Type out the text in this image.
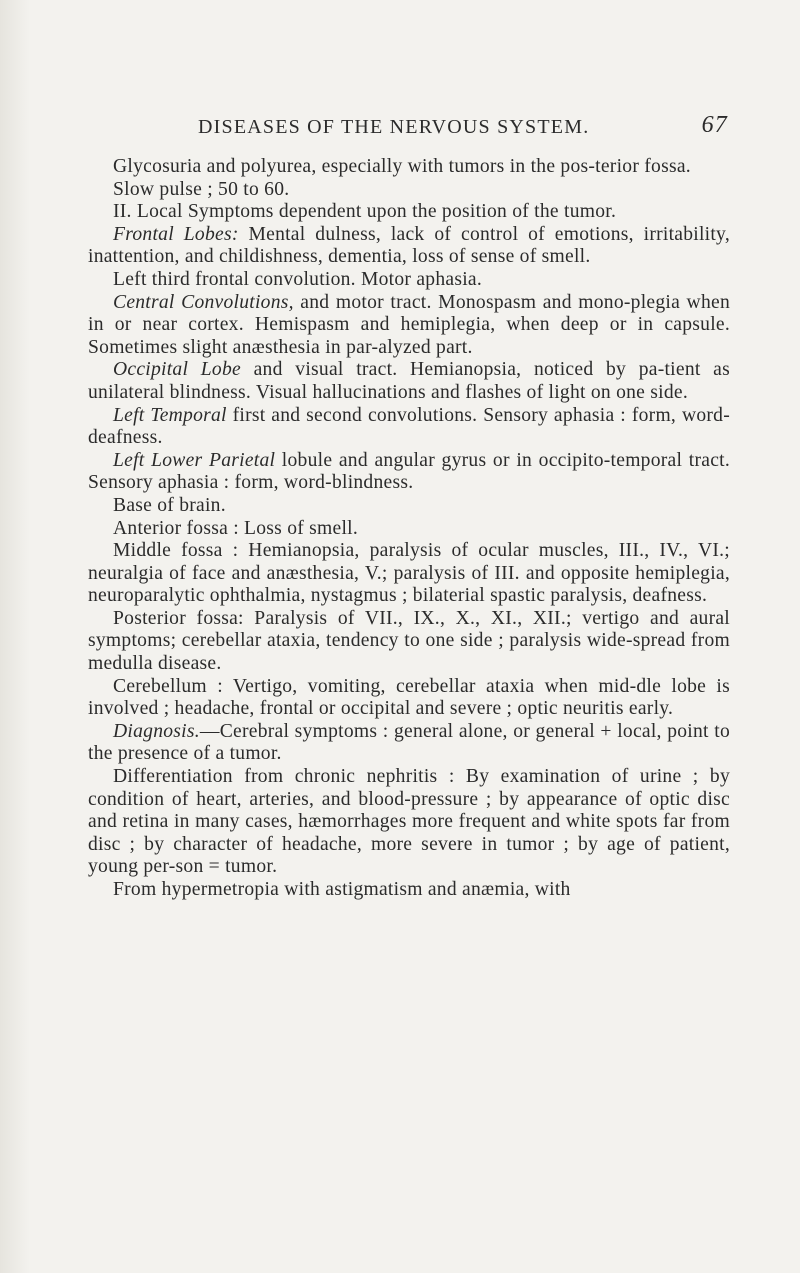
DISEASES OF THE NERVOUS SYSTEM.	67

Glycosuria and polyurea, especially with tumors in the pos-terior fossa.

Slow pulse ; 50 to 60.

II. Local Symptoms dependent upon the position of the tumor.

Frontal Lobes: Mental dulness, lack of control of emotions, irritability, inattention, and childishness, dementia, loss of sense of smell.

Left third frontal convolution. Motor aphasia.

Central Convolutions, and motor tract. Monospasm and mono-plegia when in or near cortex. Hemispasm and hemiplegia, when deep or in capsule. Sometimes slight anæsthesia in par-alyzed part.

Occipital Lobe and visual tract. Hemianopsia, noticed by pa-tient as unilateral blindness. Visual hallucinations and flashes of light on one side.

Left Temporal first and second convolutions. Sensory aphasia : form, word-deafness.

Left Lower Parietal lobule and angular gyrus or in occipito-temporal tract. Sensory aphasia : form, word-blindness.

Base of brain.

Anterior fossa : Loss of smell.

Middle fossa : Hemianopsia, paralysis of ocular muscles, III., IV., VI.; neuralgia of face and anæsthesia, V.; paralysis of III. and opposite hemiplegia, neuroparalytic ophthalmia, nystagmus ; bilaterial spastic paralysis, deafness.

Posterior fossa: Paralysis of VII., IX., X., XI., XII.; vertigo and aural symptoms; cerebellar ataxia, tendency to one side ; paralysis wide-spread from medulla disease.

Cerebellum : Vertigo, vomiting, cerebellar ataxia when mid-dle lobe is involved ; headache, frontal or occipital and severe ; optic neuritis early.

Diagnosis.—Cerebral symptoms : general alone, or general + local, point to the presence of a tumor.

Differentiation from chronic nephritis : By examination of urine ; by condition of heart, arteries, and blood-pressure ; by appearance of optic disc and retina in many cases, hæmorrhages more frequent and white spots far from disc ; by character of headache, more severe in tumor ; by age of patient, young per-son = tumor.

From hypermetropia with astigmatism and anæmia, with
